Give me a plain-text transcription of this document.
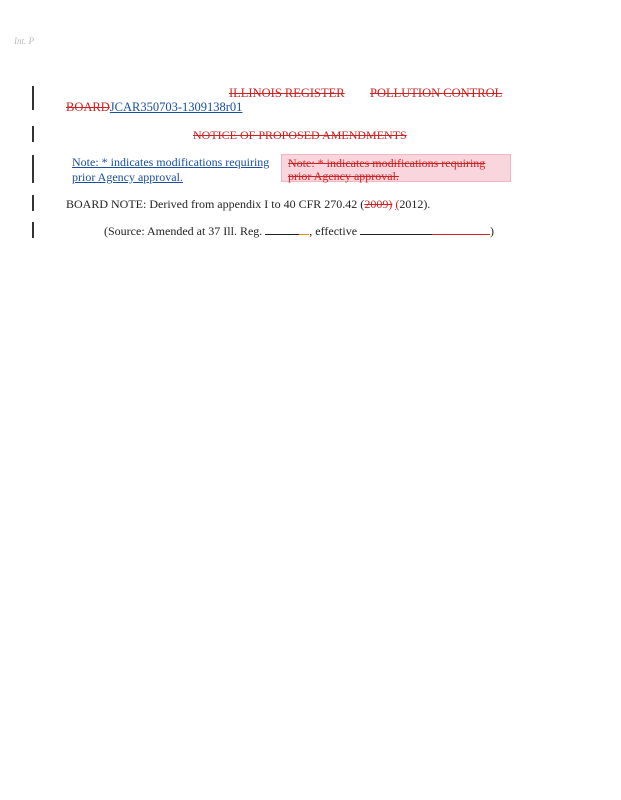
Int. P
ILLINOIS REGISTER POLLUTION CONTROL
BOARDJCAR350703-1309138r01
NOTICE OF PROPOSED AMENDMENTS
Note: * indicates modifications requiring
prior Agency approval.
Note: * indicates modifications requiring
prior Agency approval.
BOARD NOTE: Derived from appendix I to 40 CFR 270.42 (2009) (2012).
(Source: Amended at 37 Ill. Reg.	, effective	)
